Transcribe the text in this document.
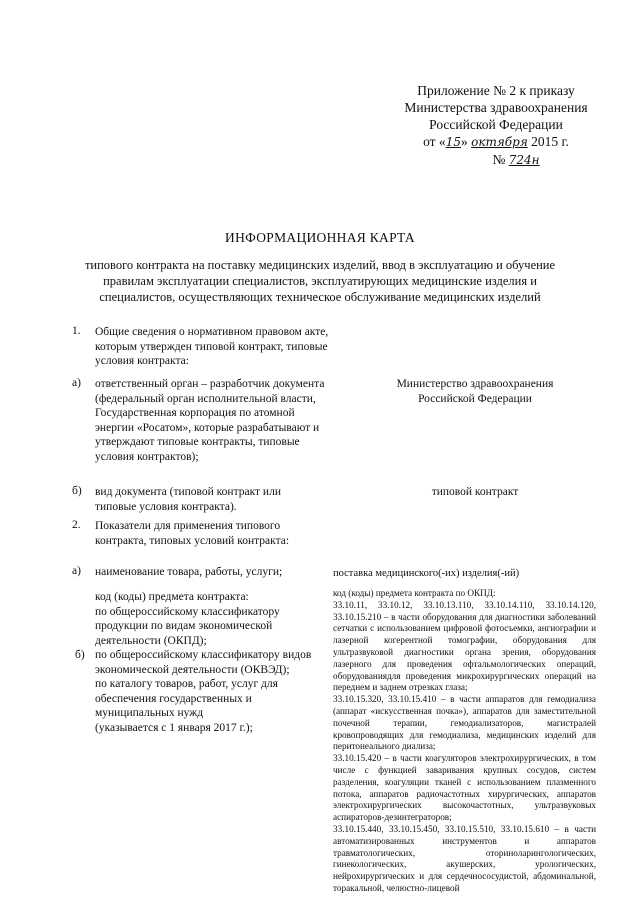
Приложение № 2 к приказу
Министерства здравоохранения
Российской Федерации
от «15» октября 2015 г.
№ 724н
ИНФОРМАЦИОННАЯ КАРТА
типового контракта на поставку медицинских изделий, ввод в эксплуатацию и обучение правилам эксплуатации специалистов, эксплуатирующих медицинские изделия и специалистов, осуществляющих техническое обслуживание медицинских изделий
1. Общие сведения о нормативном правовом акте, которым утвержден типовой контракт, типовые условия контракта:
а) ответственный орган – разработчик документа (федеральный орган исполнительной власти, Государственная корпорация по атомной энергии «Росатом», которые разрабатывают и утверждают типовые контракты, типовые условия контрактов);
Министерство здравоохранения Российской Федерации
б) вид документа (типовой контракт или типовые условия контракта).
типовой контракт
2. Показатели для применения типового контракта, типовых условий контракта:
а) наименование товара, работы, услуги;	поставка медицинского(-их) изделия(-ий)
б)
код (коды) предмета контракта:
по общероссийскому классификатору продукции по видам экономической деятельности (ОКПД);
по общероссийскому классификатору видов экономической деятельности (ОКВЭД);
по каталогу товаров, работ, услуг для обеспечения государственных и муниципальных нужд
(указывается с 1 января 2017 г.);
код (коды) предмета контракта по ОКПД:
33.10.11, 33.10.12, 33.10.13.110, 33.10.14.110, 33.10.14.120, 33.10.15.210 – в части оборудования для диагностики заболеваний сетчатки с использованием цифровой фотосъемки, ангиографии и лазерной когерентной томографии, оборудования для ультразвуковой диагностики органа зрения, оборудования лазерного для проведения офтальмологических операций, оборудованиядля проведения микрохирургических операций на переднем и заднем отрезках глаза;
33.10.15.320, 33.10.15.410 – в части аппаратов для гемодиализа (аппарат «искусственная почка»), аппаратов для заместительной почечной терапии, гемодиализаторов, магистралей кровопроводящих для гемодиализа, медицинских изделий для перитонеального диализа;
33.10.15.420 – в части коагуляторов электрохирургических, в том числе с функцией заваривания крупных сосудов, систем разделения, коагуляции тканей с использованием плазменного потока, аппаратов радиочастотных хирургических, аппаратов электрохирургических высокочастотных, ультразвуковых аспираторов-дезинтеграторов;
33.10.15.440, 33.10.15.450, 33.10.15.510, 33.10.15.610 – в части автоматизированных инструментов и аппаратов травматологических, оториноларингологических, гинекологических, акушерских, урологических, нейрохирургических и для сердечнососудистой, абдоминальной, торакальной, челюстно-лицевой
